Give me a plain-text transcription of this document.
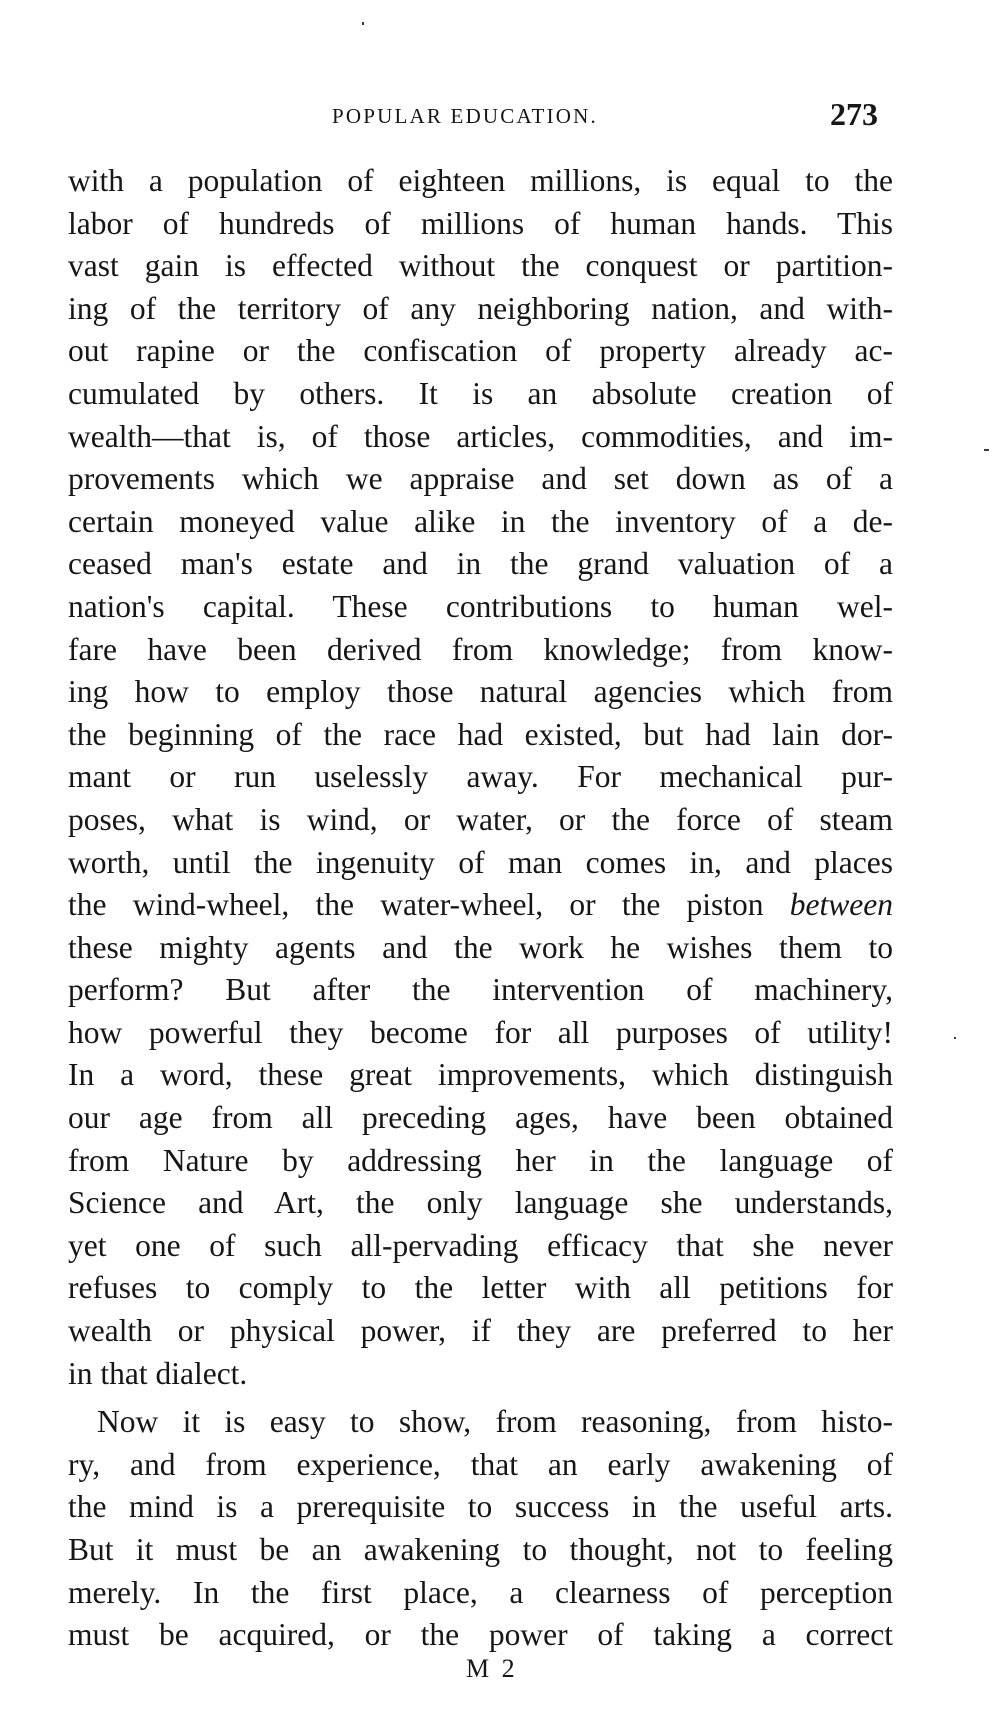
POPULAR EDUCATION.	273
with a population of eighteen millions, is equal to the
labor of hundreds of millions of human hands. This
vast gain is effected without the conquest or partition-
ing of the territory of any neighboring nation, and with-
out rapine or the confiscation of property already ac-
cumulated by others. It is an absolute creation of
wealth—that is, of those articles, commodities, and im-
provements which we appraise and set down as of a
certain moneyed value alike in the inventory of a de-
ceased man's estate and in the grand valuation of a
nation's capital. These contributions to human wel-
fare have been derived from knowledge; from know-
ing how to employ those natural agencies which from
the beginning of the race had existed, but had lain dor-
mant or run uselessly away. For mechanical pur-
poses, what is wind, or water, or the force of steam
worth, until the ingenuity of man comes in, and places
the wind-wheel, the water-wheel, or the piston between
these mighty agents and the work he wishes them to
perform? But after the intervention of machinery,
how powerful they become for all purposes of utility!
In a word, these great improvements, which distinguish
our age from all preceding ages, have been obtained
from Nature by addressing her in the language of
Science and Art, the only language she understands,
yet one of such all-pervading efficacy that she never
refuses to comply to the letter with all petitions for
wealth or physical power, if they are preferred to her
in that dialect.
Now it is easy to show, from reasoning, from histo-
ry, and from experience, that an early awakening of
the mind is a prerequisite to success in the useful arts.
But it must be an awakening to thought, not to feeling
merely. In the first place, a clearness of perception
must be acquired, or the power of taking a correct
M 2
